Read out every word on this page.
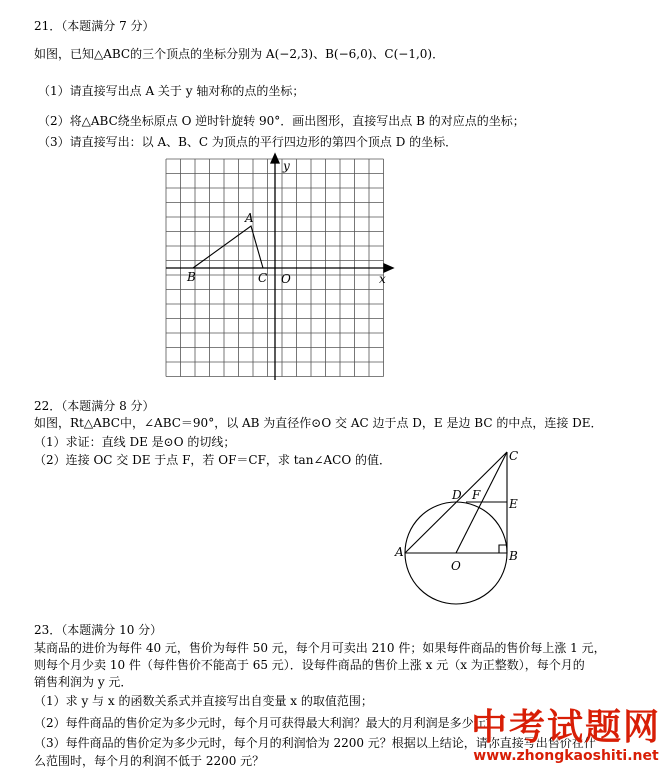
21．（本题满分 7 分）
如图，已知△ABC的三个顶点的坐标分别为 A(−2,3)、B(−6,0)、C(−1,0)．
（1）请直接写出点 A 关于 y 轴对称的点的坐标；
（2）将△ABC绕坐标原点 O 逆时针旋转 90°．画出图形，直接写出点 B 的对应点的坐标；
（3）请直接写出：以 A、B、C 为顶点的平行四边形的第四个顶点 D 的坐标．
y
x
O
A
B	C
22．（本题满分 8 分）
如图，Rt△ABC中，∠ABC＝90°，以 AB 为直径作⊙O 交 AC 边于点 D，E 是边 BC 的中点，连接 DE．
（1）求证：直线 DE 是⊙O 的切线；
（2）连接 OC 交 DE 于点 F，若 OF＝CF，求 tan∠ACO 的值．	C
D F
E
A	B
O
23．（本题满分 10 分）
某商品的进价为每件 40 元，售价为每件 50 元，每个月可卖出 210 件；如果每件商品的售价每上涨 1 元，
则每个月少卖 10 件（每件售价不能高于 65 元）．设每件商品的售价上涨 x 元（x 为正整数），每个月的
销售利润为 y 元．
（1）求 y 与 x 的函数关系式并直接写出自变量 x 的取值范围；
（2）每件商品的售价定为多少元时，每个月可获得最大利润？最大的月利润是多少元？
（3）每件商品的售价定为多少元时，每个月的利润恰为 2200 元？根据以上结论，请你直接写出售价在什
么范围时，每个月的利润不低于 2200 元？
中考试题网
www.zhongkaoshiti.net
